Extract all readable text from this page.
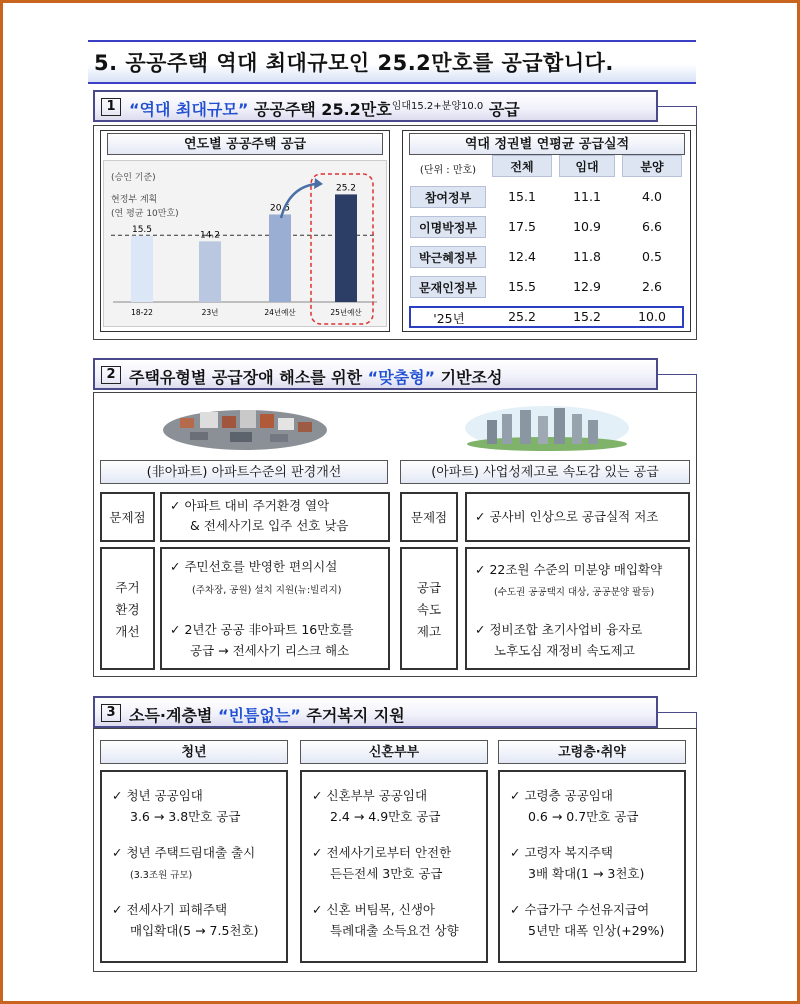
5. 공공주택 역대 최대규모인 25.2만호를 공급합니다.
1 “역대 최대규모” 공공주택 25.2만호$^{임대15.2+분양10.0}$ 공급
연도별 공공주택 공급
(승인 기준)
현정부 계획
(연 평균 10만호)
15.5
18-22
14.2
23년
20.5
24년예산
25.2
25년예산
역대 정권별 연평균 공급실적
(단위 : 만호)	전체	임대	분양
참여정부	15.1	11.1	4.0
이명박정부	17.5	10.9	6.6
박근혜정부	12.4	11.8	0.5
문재인정부	15.5	12.9	2.6
'25년	25.2	15.2	10.0
2 주택유형별 공급장애 해소를 위한 “맞춤형” 기반조성
(非아파트) 아파트수준의 판경개선	(아파트) 사업성제고로 속도감 있는 공급
문제점
✓ 아파트 대비 주거환경 열악
& 전세사기로 입주 선호 낮음
주거
환경
개선
✓ 주민선호를 반영한 편의시설
(주차장, 공원) 설치 지원(뉴:빌리지)
✓ 2년간 공공 非아파트 16만호를
공급 → 전세사기 리스크 해소
문제점	✓ 공사비 인상으로 공급실적 저조
공급
속도
제고
✓ 22조원 수준의 미분양 매입확약
(수도권 공공택지 대상, 공공분양 팔등)
✓ 정비조합 초기사업비 융자로
노후도심 재정비 속도제고
3 소득·계층별 “빈틈없는” 주거복지 지원
청년
✓ 청년 공공임대
3.6 → 3.8만호 공급
✓ 청년 주택드림대출 출시
(3.3조원 규모)
✓ 전세사기 피해주택
매입확대(5 → 7.5천호)
신혼부부
✓ 신혼부부 공공임대
2.4 → 4.9만호 공급
✓ 전세사기로부터 안전한
든든전세 3만호 공급
✓ 신혼 버팀목, 신생아
특례대출 소득요건 상향
고령층·취약
✓ 고령층 공공임대
0.6 → 0.7만호 공급
✓ 고령자 복지주택
3배 확대(1 → 3천호)
✓ 수급가구 수선유지급여
5년만 대폭 인상(+29%)
